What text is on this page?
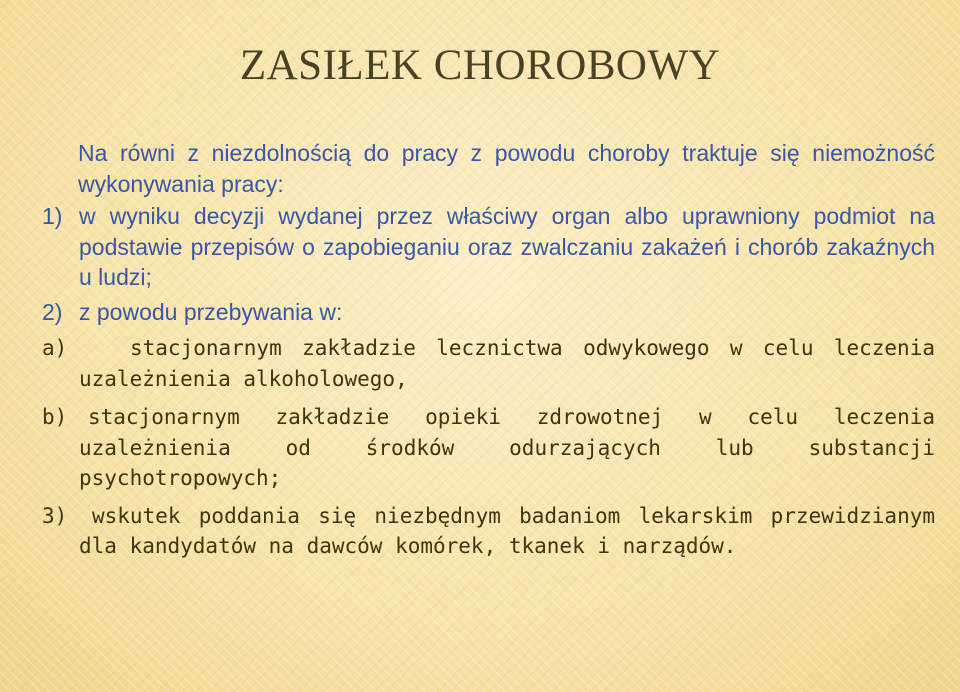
ZASIŁEK CHOROBOWY

Na równi z niezdolnością do pracy z powodu choroby traktuje się niemożność wykonywania pracy:

1) w wyniku decyzji wydanej przez właściwy organ albo uprawniony podmiot na podstawie przepisów o zapobieganiu oraz zwalczaniu zakażeń i chorób zakaźnych u ludzi;

2) z powodu przebywania w:

a)	stacjonarnym zakładzie lecznictwa odwykowego w celu leczenia uzależnienia alkoholowego,

b) stacjonarnym zakładzie opieki zdrowotnej w celu leczenia uzależnienia od środków odurzających lub substancji psychotropowych;

3) wskutek poddania się niezbędnym badaniom lekarskim przewidzianym dla kandydatów na dawców komórek, tkanek i narządów.
